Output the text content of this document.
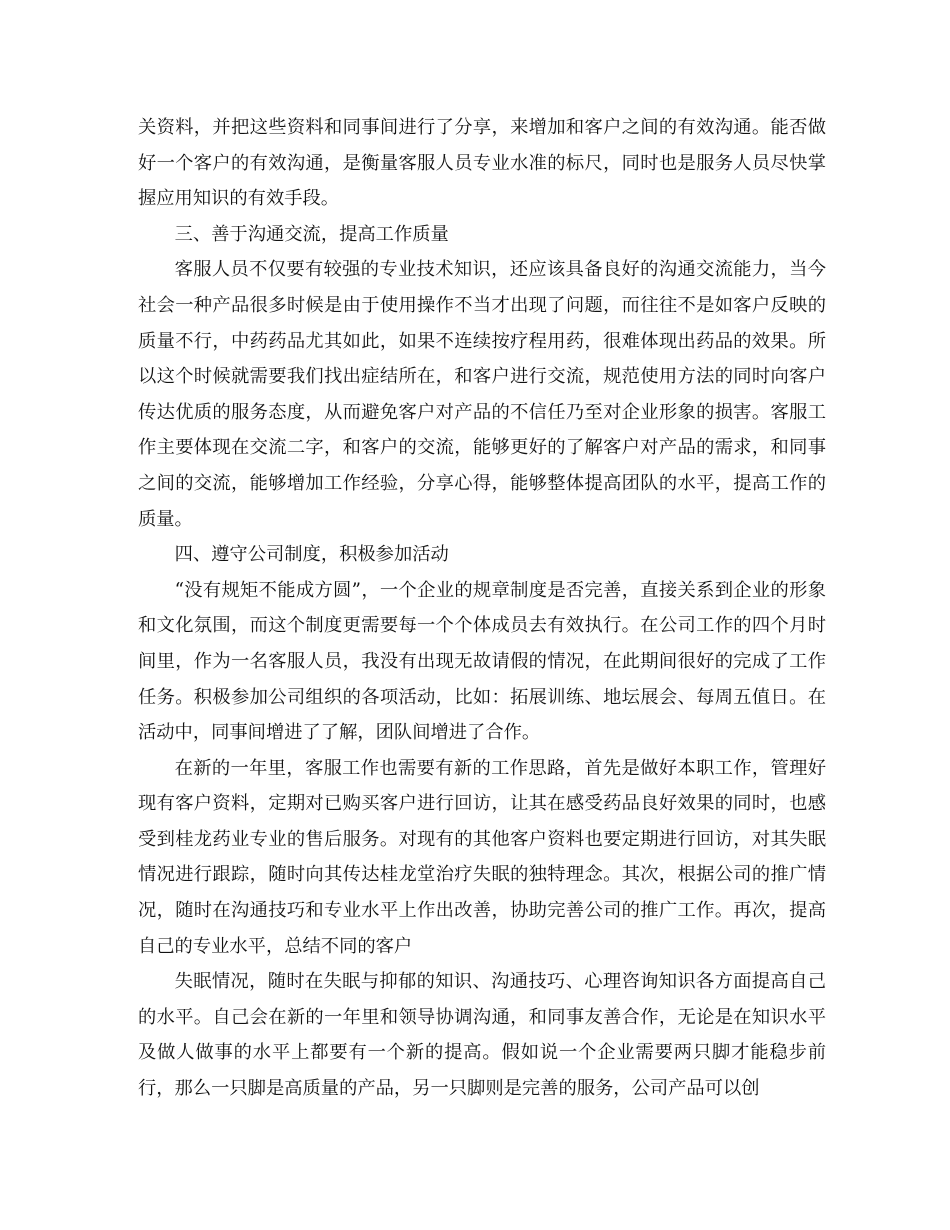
关资料，并把这些资料和同事间进行了分享，来增加和客户之间的有效沟通。能否做好一个客户的有效沟通，是衡量客服人员专业水准的标尺，同时也是服务人员尽快掌握应用知识的有效手段。

三、善于沟通交流，提高工作质量

客服人员不仅要有较强的专业技术知识，还应该具备良好的沟通交流能力，当今社会一种产品很多时候是由于使用操作不当才出现了问题，而往往不是如客户反映的质量不行，中药药品尤其如此，如果不连续按疗程用药，很难体现出药品的效果。所以这个时候就需要我们找出症结所在，和客户进行交流，规范使用方法的同时向客户传达优质的服务态度，从而避免客户对产品的不信任乃至对企业形象的损害。客服工作主要体现在交流二字，和客户的交流，能够更好的了解客户对产品的需求，和同事之间的交流，能够增加工作经验，分享心得，能够整体提高团队的水平，提高工作的质量。

四、遵守公司制度，积极参加活动

“没有规矩不能成方圆”，一个企业的规章制度是否完善，直接关系到企业的形象和文化氛围，而这个制度更需要每一个个体成员去有效执行。在公司工作的四个月时间里，作为一名客服人员，我没有出现无故请假的情况，在此期间很好的完成了工作任务。积极参加公司组织的各项活动，比如：拓展训练、地坛展会、每周五值日。在活动中，同事间增进了了解，团队间增进了合作。

在新的一年里，客服工作也需要有新的工作思路，首先是做好本职工作，管理好现有客户资料，定期对已购买客户进行回访，让其在感受药品良好效果的同时，也感受到桂龙药业专业的售后服务。对现有的其他客户资料也要定期进行回访，对其失眠情况进行跟踪，随时向其传达桂龙堂治疗失眠的独特理念。其次，根据公司的推广情况，随时在沟通技巧和专业水平上作出改善，协助完善公司的推广工作。再次，提高自己的专业水平，总结不同的客户

失眠情况，随时在失眠与抑郁的知识、沟通技巧、心理咨询知识各方面提高自己的水平。自己会在新的一年里和领导协调沟通，和同事友善合作，无论是在知识水平及做人做事的水平上都要有一个新的提高。假如说一个企业需要两只脚才能稳步前行，那么一只脚是高质量的产品，另一只脚则是完善的服务，公司产品可以创
